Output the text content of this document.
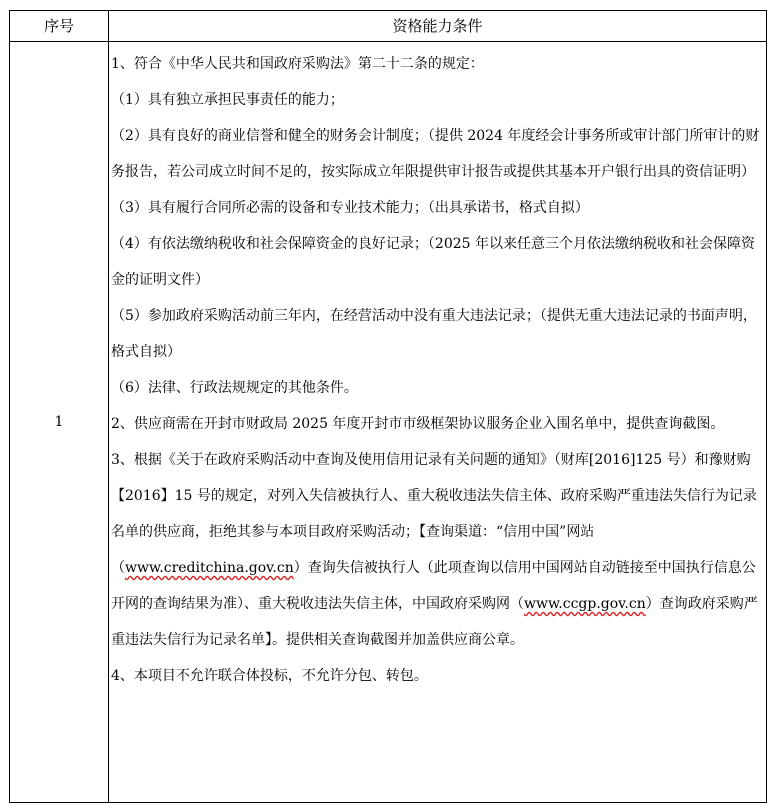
序号	资格能力条件
1

1、符合《中华人民共和国政府采购法》第二十二条的规定：

（1）具有独立承担民事责任的能力；

（2）具有良好的商业信誉和健全的财务会计制度；（提供 2024 年度经会计事务所或审计部门所审计的财务报告，若公司成立时间不足的，按实际成立年限提供审计报告或提供其基本开户银行出具的资信证明）

（3）具有履行合同所必需的设备和专业技术能力；（出具承诺书，格式自拟）

（4）有依法缴纳税收和社会保障资金的良好记录；（2025 年以来任意三个月依法缴纳税收和社会保障资金的证明文件）

（5）参加政府采购活动前三年内，在经营活动中没有重大违法记录；（提供无重大违法记录的书面声明，格式自拟）

（6）法律、行政法规规定的其他条件。

2、供应商需在开封市财政局 2025 年度开封市市级框架协议服务企业入围名单中，提供查询截图。

3、根据《关于在政府采购活动中查询及使用信用记录有关问题的通知》（财库[2016]125 号）和豫财购【2016】15 号的规定，对列入失信被执行人、重大税收违法失信主体、政府采购严重违法失信行为记录名单的供应商，拒绝其参与本项目政府采购活动；【查询渠道：“信用中国”网站（www.creditchina.gov.cn）查询失信被执行人（此项查询以信用中国网站自动链接至中国执行信息公开网的查询结果为准）、重大税收违法失信主体，中国政府采购网（www.ccgp.gov.cn）查询政府采购严重违法失信行为记录名单】。提供相关查询截图并加盖供应商公章。

4、本项目不允许联合体投标，不允许分包、转包。
